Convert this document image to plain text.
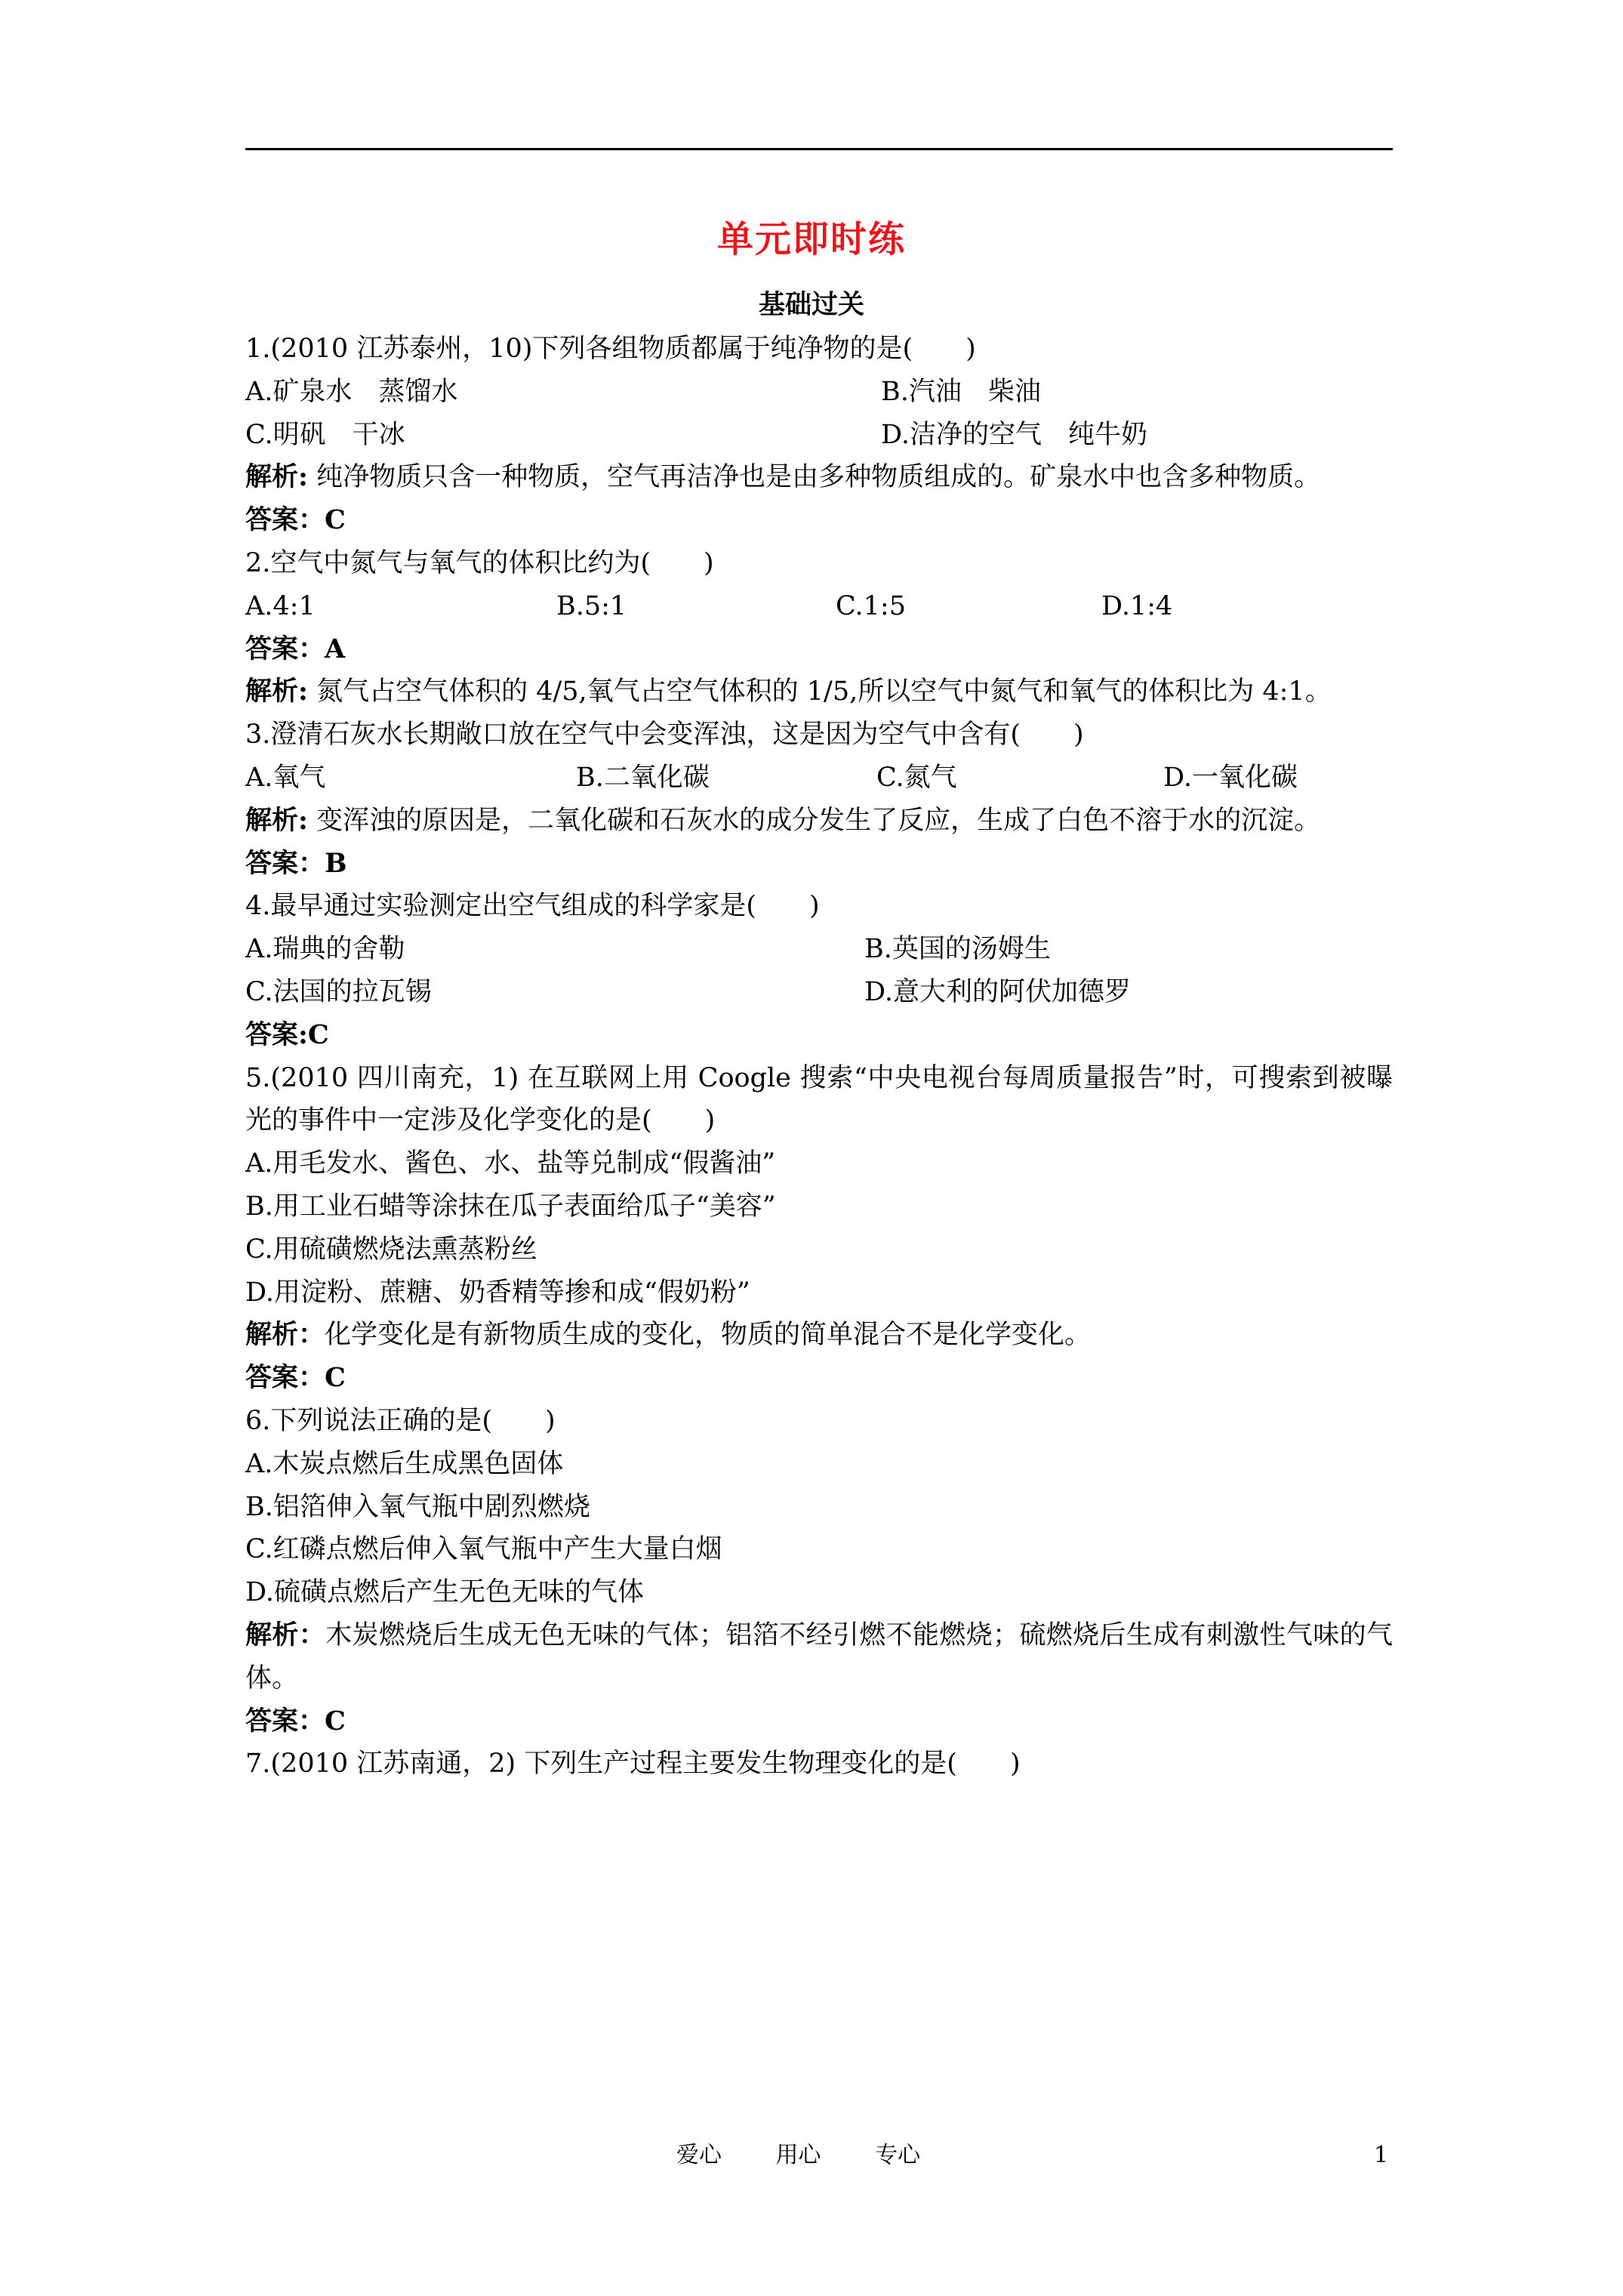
单元即时练
基础过关
1.(2010 江苏泰州，10)下列各组物质都属于纯净物的是(　　)
A.矿泉水　蒸馏水	B.汽油　柴油
C.明矾　干冰	D.洁净的空气　纯牛奶
解析: 纯净物质只含一种物质，空气再洁净也是由多种物质组成的。矿泉水中也含多种物质。
答案：C
2.空气中氮气与氧气的体积比约为(　　)
A.4:1	B.5:1	C.1:5	D.1:4
答案：A
解析: 氮气占空气体积的 4/5,氧气占空气体积的 1/5,所以空气中氮气和氧气的体积比为 4:1。
3.澄清石灰水长期敞口放在空气中会变浑浊，这是因为空气中含有(　　)
A.氧气	B.二氧化碳	C.氮气	D.一氧化碳
解析: 变浑浊的原因是，二氧化碳和石灰水的成分发生了反应，生成了白色不溶于水的沉淀。
答案：B
4.最早通过实验测定出空气组成的科学家是(　　)
A.瑞典的舍勒	B.英国的汤姆生
C.法国的拉瓦锡	D.意大利的阿伏加德罗
答案:C
5.(2010 四川南充，1) 在互联网上用 Coogle 搜索“中央电视台每周质量报告”时，可搜索到被曝光的事件中一定涉及化学变化的是(　　)
A.用毛发水、酱色、水、盐等兑制成“假酱油”
B.用工业石蜡等涂抹在瓜子表面给瓜子“美容”
C.用硫磺燃烧法熏蒸粉丝
D.用淀粉、蔗糖、奶香精等掺和成“假奶粉”
解析：化学变化是有新物质生成的变化，物质的简单混合不是化学变化。
答案：C
6.下列说法正确的是(　　)
A.木炭点燃后生成黑色固体
B.铝箔伸入氧气瓶中剧烈燃烧
C.红磷点燃后伸入氧气瓶中产生大量白烟
D.硫磺点燃后产生无色无味的气体
解析：木炭燃烧后生成无色无味的气体；铝箔不经引燃不能燃烧；硫燃烧后生成有刺激性气味的气体。
答案：C
7.(2010 江苏南通，2) 下列生产过程主要发生物理变化的是(　　)
爱心 用心 专心	1
